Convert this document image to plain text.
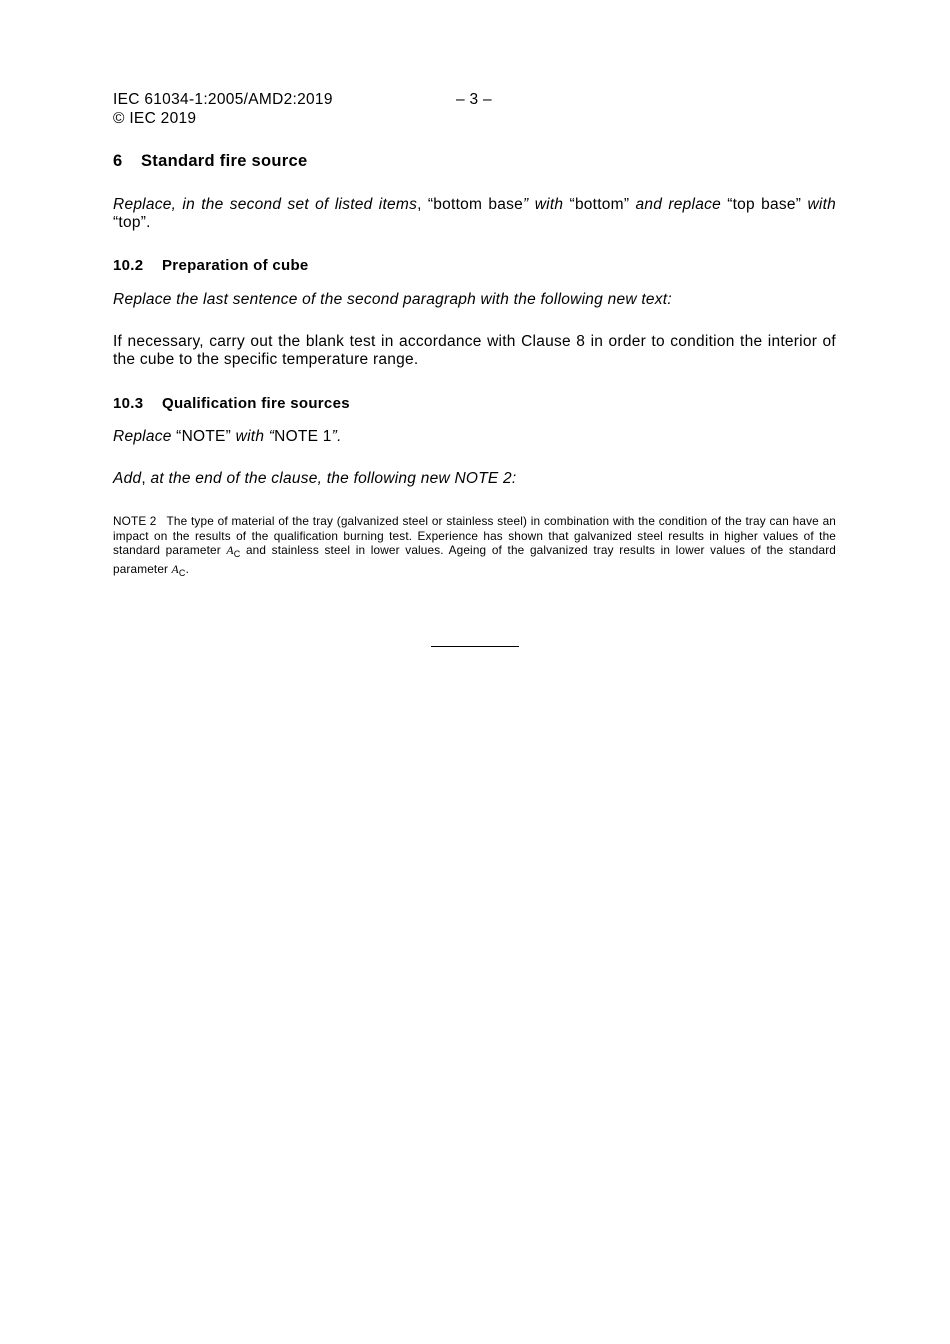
IEC 61034-1:2005/AMD2:2019	– 3 –
© IEC 2019
6 Standard fire source
Replace, in the second set of listed items, “bottom base” with “bottom” and replace “top base” with “top”.
10.2 Preparation of cube
Replace the last sentence of the second paragraph with the following new text:
If necessary, carry out the blank test in accordance with Clause 8 in order to condition the interior of the cube to the specific temperature range.
10.3 Qualification fire sources
Replace “NOTE” with “NOTE 1”.
Add, at the end of the clause, the following new NOTE 2:
NOTE 2 The type of material of the tray (galvanized steel or stainless steel) in combination with the condition of the tray can have an impact on the results of the qualification burning test. Experience has shown that galvanized steel results in higher values of the standard parameter $A_C$ and stainless steel in lower values. Ageing of the galvanized tray results in lower values of the standard parameter $A_C$.
